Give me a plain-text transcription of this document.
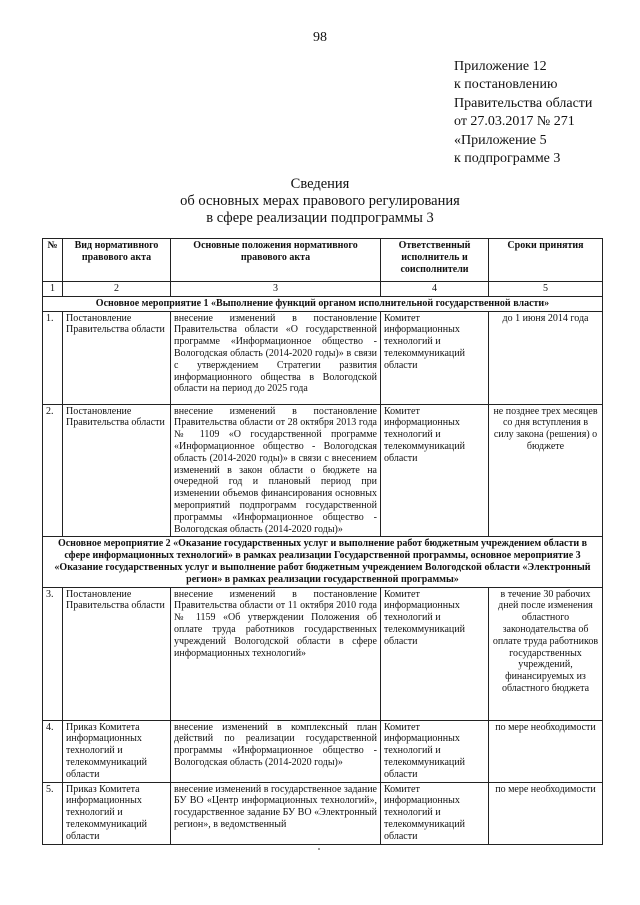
98
Приложение 12
к постановлению
Правительства области
от 27.03.2017 № 271
«Приложение 5
к подпрограмме 3
Сведения
об основных мерах правового регулирования
в сфере реализации подпрограммы 3
№	Вид нормативного правового акта	Основные положения нормативного правового акта	Ответственный исполнитель и соисполнители	Сроки принятия
1	2	3	4	5
Основное мероприятие 1 «Выполнение функций органом исполнительной государственной власти»				
1.	Постановление Правительства области	внесение изменений в постановление Правительства области «О государственной программе «Информационное общество - Вологодская область (2014-2020 годы)» в связи с утверждением Стратегии развития информационного общества в Вологодской области на период до 2025 года	Комитет информационных технологий и телекоммуникаций области	до 1 июня 2014 года
2.	Постановление Правительства области	внесение изменений в постановление Правительства области от 28 октября 2013 года № 1109 «О государственной программе «Информационное общество - Вологодская область (2014-2020 годы)» в связи с внесением изменений в закон области о бюджете на очередной год и плановый период при изменении объемов финансирования основных мероприятий подпрограмм государственной программы «Информационное общество - Вологодская область (2014-2020 годы)»	Комитет информационных технологий и телекоммуникаций области	не позднее трех месяцев со дня вступления в силу закона (решения) о бюджете
Основное мероприятие 2 «Оказание государственных услуг и выполнение работ бюджетным учреждением области в сфере информационных технологий» в рамках реализации Государственной программы, основное мероприятие 3 «Оказание государственных услуг и выполнение работ бюджетным учреждением Вологодской области «Электронный регион» в рамках реализации государственной программы»				
3.	Постановление Правительства области	внесение изменений в постановление Правительства области от 11 октября 2010 года № 1159 «Об утверждении Положения об оплате труда работников государственных учреждений Вологодской области в сфере информационных технологий»	Комитет информационных технологий и телекоммуникаций области	в течение 30 рабочих дней после изменения областного законодательства об оплате труда работников государственных учреждений, финансируемых из областного бюджета
4.	Приказ Комитета информационных технологий и телекоммуникаций области	внесение изменений в комплексный план действий по реализации государственной программы «Информационное общество - Вологодская область (2014-2020 годы)»	Комитет информационных технологий и телекоммуникаций области	по мере необходимости
5.	Приказ Комитета информационных технологий и телекоммуникаций области	внесение изменений в государственное задание БУ ВО «Центр информационных технологий», государственное задание БУ ВО «Электронный регион», в ведомственный	Комитет информационных технологий и телекоммуникаций области	по мере необходимости
